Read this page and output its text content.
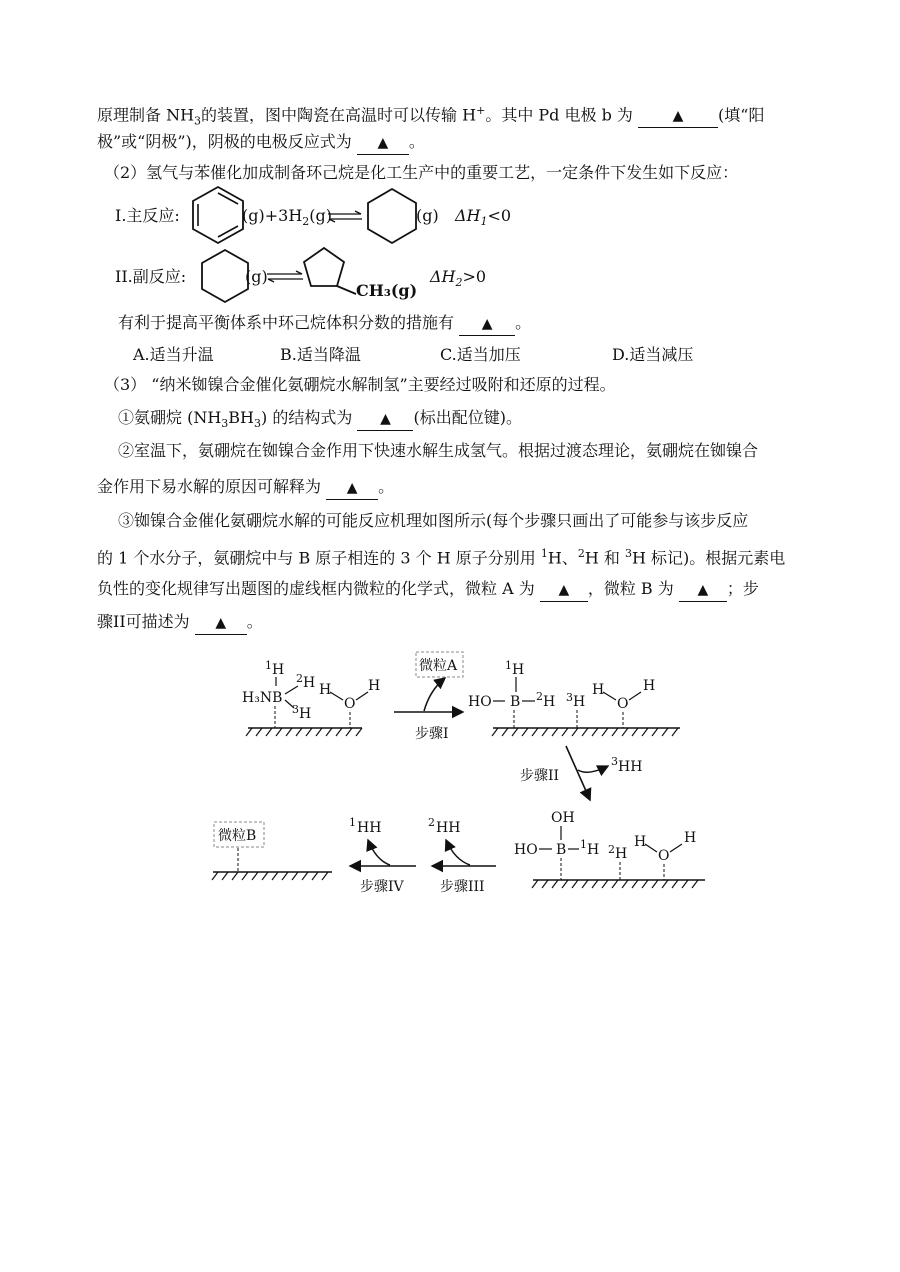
原理制备 $NH_3$的装置，图中陶瓷在高温时可以传输 H+。其中 Pd 电极 b 为	▲ (填“阳
极”或“阴极”)，阴极的电极反应式为 ▲ 。
（2）氢气与苯催化加成制备环己烷是化工生产中的重要工艺，一定条件下发生如下反应：
I.主反应:	$(g)+3H_2(g)$	(g) $\Delta H_1<0$
II.副反应:	(g)
CH₃(g)
$\Delta H_2>0$
有利于提高平衡体系中环己烷体积分数的措施有 ▲ 。
A.适当升温	B.适当降温	C.适当加压	D.适当减压
（3） “纳米铷镍合金催化氨硼烷水解制氢”主要经过吸附和还原的过程。
①氨硼烷 $(NH_3BH_3)$ 的结构式为 ▲ (标出配位键)。
②室温下，氨硼烷在铷镍合金作用下快速水解生成氢气。根据过渡态理论，氨硼烷在铷镍合
金作用下易水解的原因可解释为 ▲ 。
③铷镍合金催化氨硼烷水解的可能反应机理如图所示(每个步骤只画出了可能参与该步反应
的 1 个水分子，氨硼烷中与 B 原子相连的 3 个 H 原子分别用 $^1$H、$^2$H 和 $^3$H 标记)。根据元素电
负性的变化规律写出题图的虚线框内微粒的化学式，微粒 A 为 ▲ ，微粒 B 为 ▲ ；步
骤II可描述为 ▲ 。
1 H
H₃NB
2 H
3 H
H
O
H
步骤I
微粒A	1 H
HO B 2 H 3 H
H
O
H
步骤II
3 HH
OH
HO B 1 H 2 H
H
O
H
步骤III
2 HH
步骤IV
1 HH
微粒B
